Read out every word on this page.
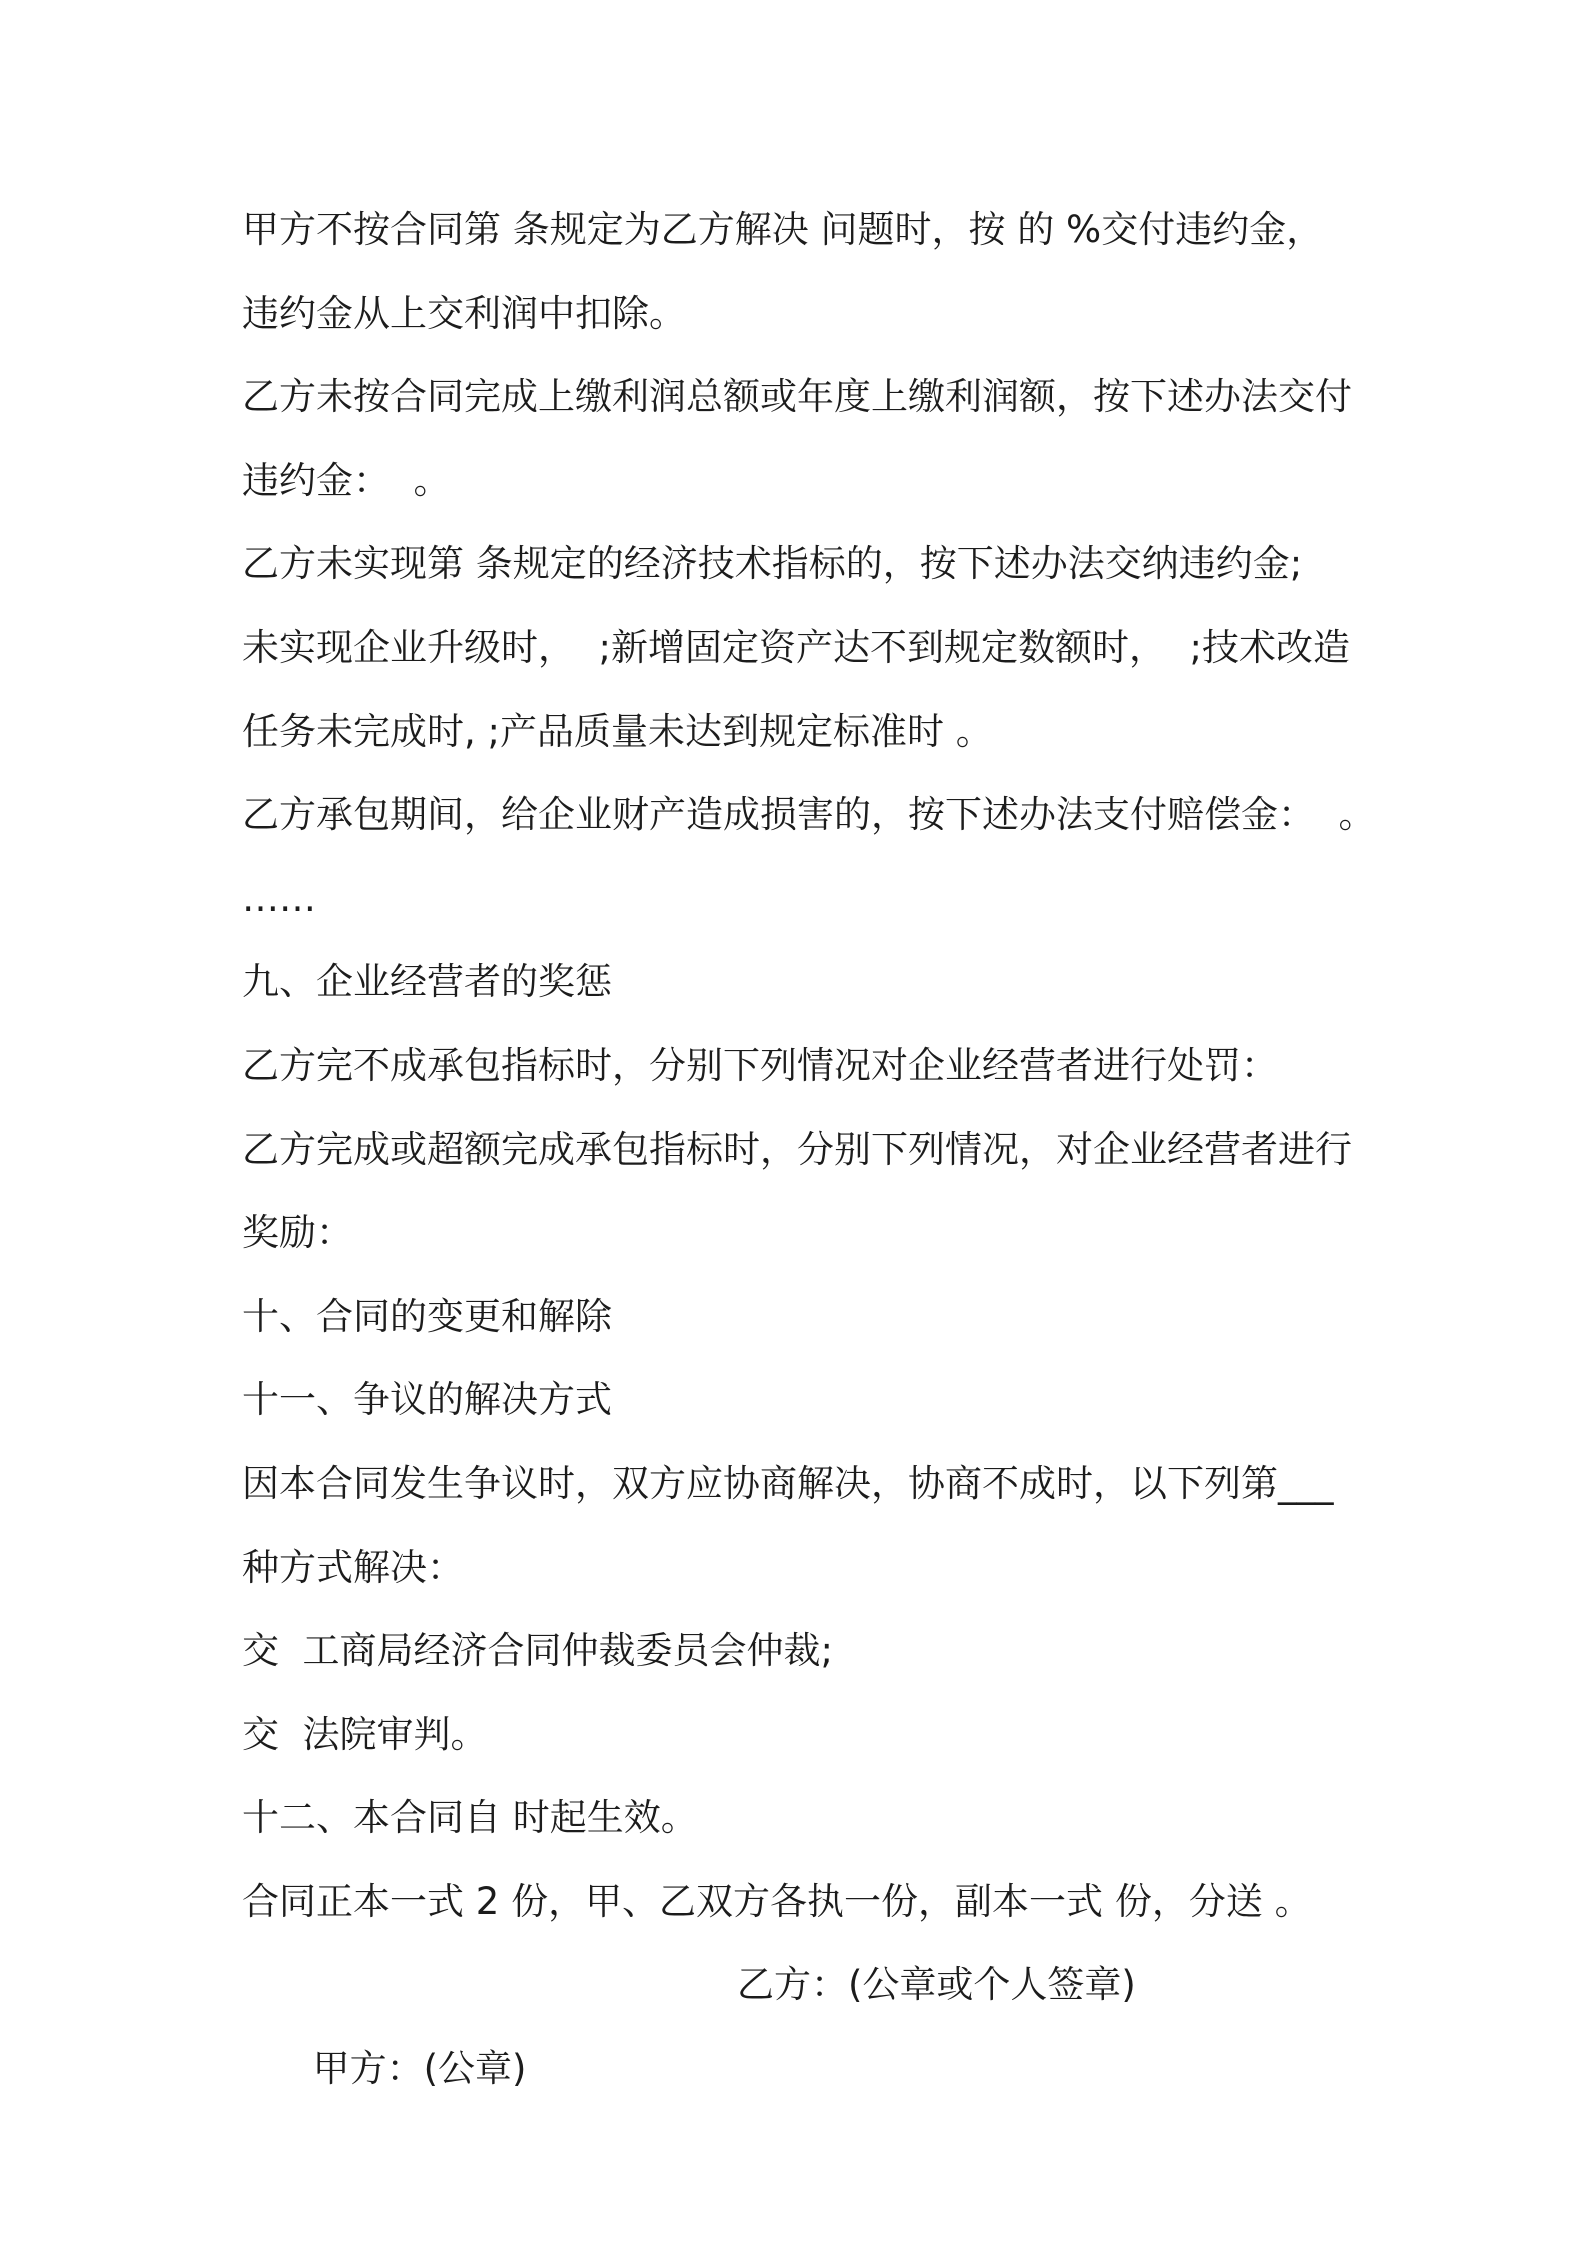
甲方不按合同第 条规定为乙方解决 问题时，按 的 %交付违约金，
违约金从上交利润中扣除。
乙方未按合同完成上缴利润总额或年度上缴利润额，按下述办法交付
违约金：  。
乙方未实现第 条规定的经济技术指标的，按下述办法交纳违约金;
未实现企业升级时，  ;新增固定资产达不到规定数额时，  ;技术改造
任务未完成时, ;产品质量未达到规定标准时 。
乙方承包期间，给企业财产造成损害的，按下述办法支付赔偿金：  。
……
九、企业经营者的奖惩
乙方完不成承包指标时，分别下列情况对企业经营者进行处罚：
乙方完成或超额完成承包指标时，分别下列情况，对企业经营者进行
奖励：
十、合同的变更和解除
十一、争议的解决方式
因本合同发生争议时，双方应协商解决，协商不成时，以下列第___
种方式解决：
交  工商局经济合同仲裁委员会仲裁;
交  法院审判。
十二、本合同自 时起生效。
合同正本一式 2 份，甲、乙双方各执一份，副本一式 份，分送 。

甲方：(公章)

乙方：(公章或个人签章)
